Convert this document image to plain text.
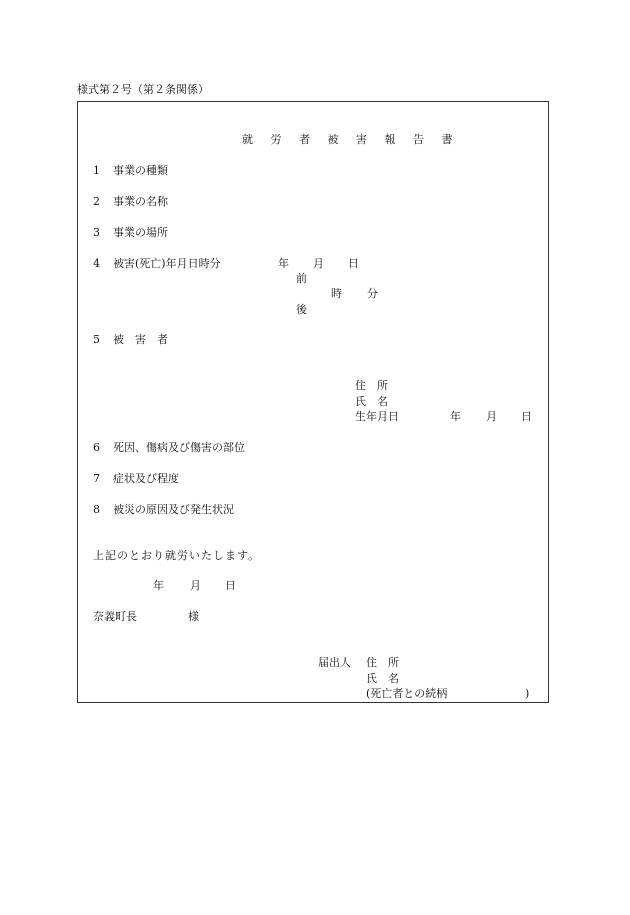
様式第２号（第２条関係）
就 労 者 被 害 報 告 書
1 事業の種類
2 事業の名称
3 事業の場所
4 被害(死亡)年月日時分	年 月 日
前
時 分
後
5 被　害　者
住　所
氏　名
生年月日	年 月 日
6 死因、傷病及び傷害の部位
7 症状及び程度
8 被災の原因及び発生状況
上記のとおり就労いたします。
年 月 日
奈義町長	様
届出人 住　所
氏　名
(死亡者との続柄	)
